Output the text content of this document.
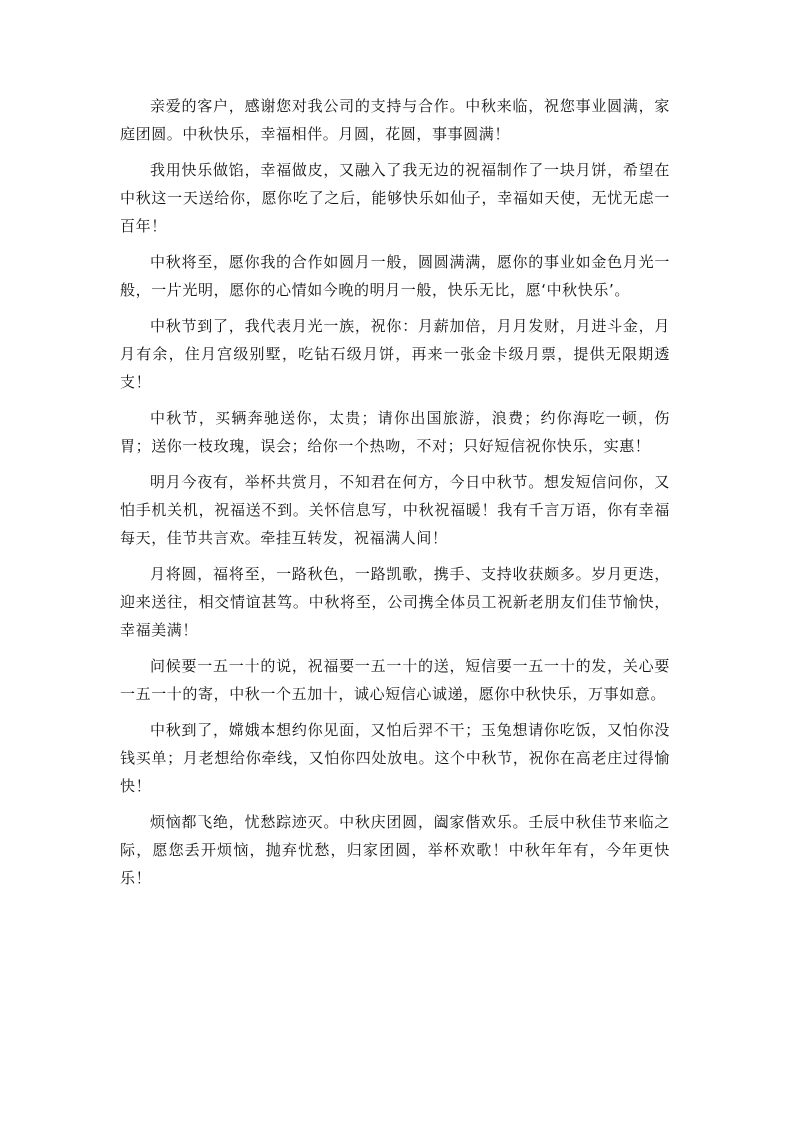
亲爱的客户，感谢您对我公司的支持与合作。中秋来临，祝您事业圆满，家庭团圆。中秋快乐，幸福相伴。月圆，花圆，事事圆满！

我用快乐做馅，幸福做皮，又融入了我无边的祝福制作了一块月饼，希望在中秋这一天送给你，愿你吃了之后，能够快乐如仙子，幸福如天使，无忧无虑一百年！

中秋将至，愿你我的合作如圆月一般，圆圆满满，愿你的事业如金色月光一般，一片光明，愿你的心情如今晚的明月一般，快乐无比，愿‘中秋快乐’。

中秋节到了，我代表月光一族，祝你：月薪加倍，月月发财，月进斗金，月月有余，住月宫级别墅，吃钻石级月饼，再来一张金卡级月票，提供无限期透支！

中秋节，买辆奔驰送你，太贵；请你出国旅游，浪费；约你海吃一顿，伤胃；送你一枝玫瑰，误会；给你一个热吻，不对；只好短信祝你快乐，实惠！

明月今夜有，举杯共赏月，不知君在何方，今日中秋节。想发短信问你，又怕手机关机，祝福送不到。关怀信息写，中秋祝福暖！我有千言万语，你有幸福每天，佳节共言欢。牵挂互转发，祝福满人间！

月将圆，福将至，一路秋色，一路凯歌，携手、支持收获颇多。岁月更迭，迎来送往，相交情谊甚笃。中秋将至，公司携全体员工祝新老朋友们佳节愉快，幸福美满！

问候要一五一十的说，祝福要一五一十的送，短信要一五一十的发，关心要一五一十的寄，中秋一个五加十，诚心短信心诚递，愿你中秋快乐，万事如意。

中秋到了，嫦娥本想约你见面，又怕后羿不干；玉兔想请你吃饭，又怕你没钱买单；月老想给你牵线，又怕你四处放电。这个中秋节，祝你在高老庄过得愉快！

烦恼都飞绝，忧愁踪迹灭。中秋庆团圆，阖家偕欢乐。壬辰中秋佳节来临之际，愿您丢开烦恼，抛弃忧愁，归家团圆，举杯欢歌！中秋年年有，今年更快乐！
